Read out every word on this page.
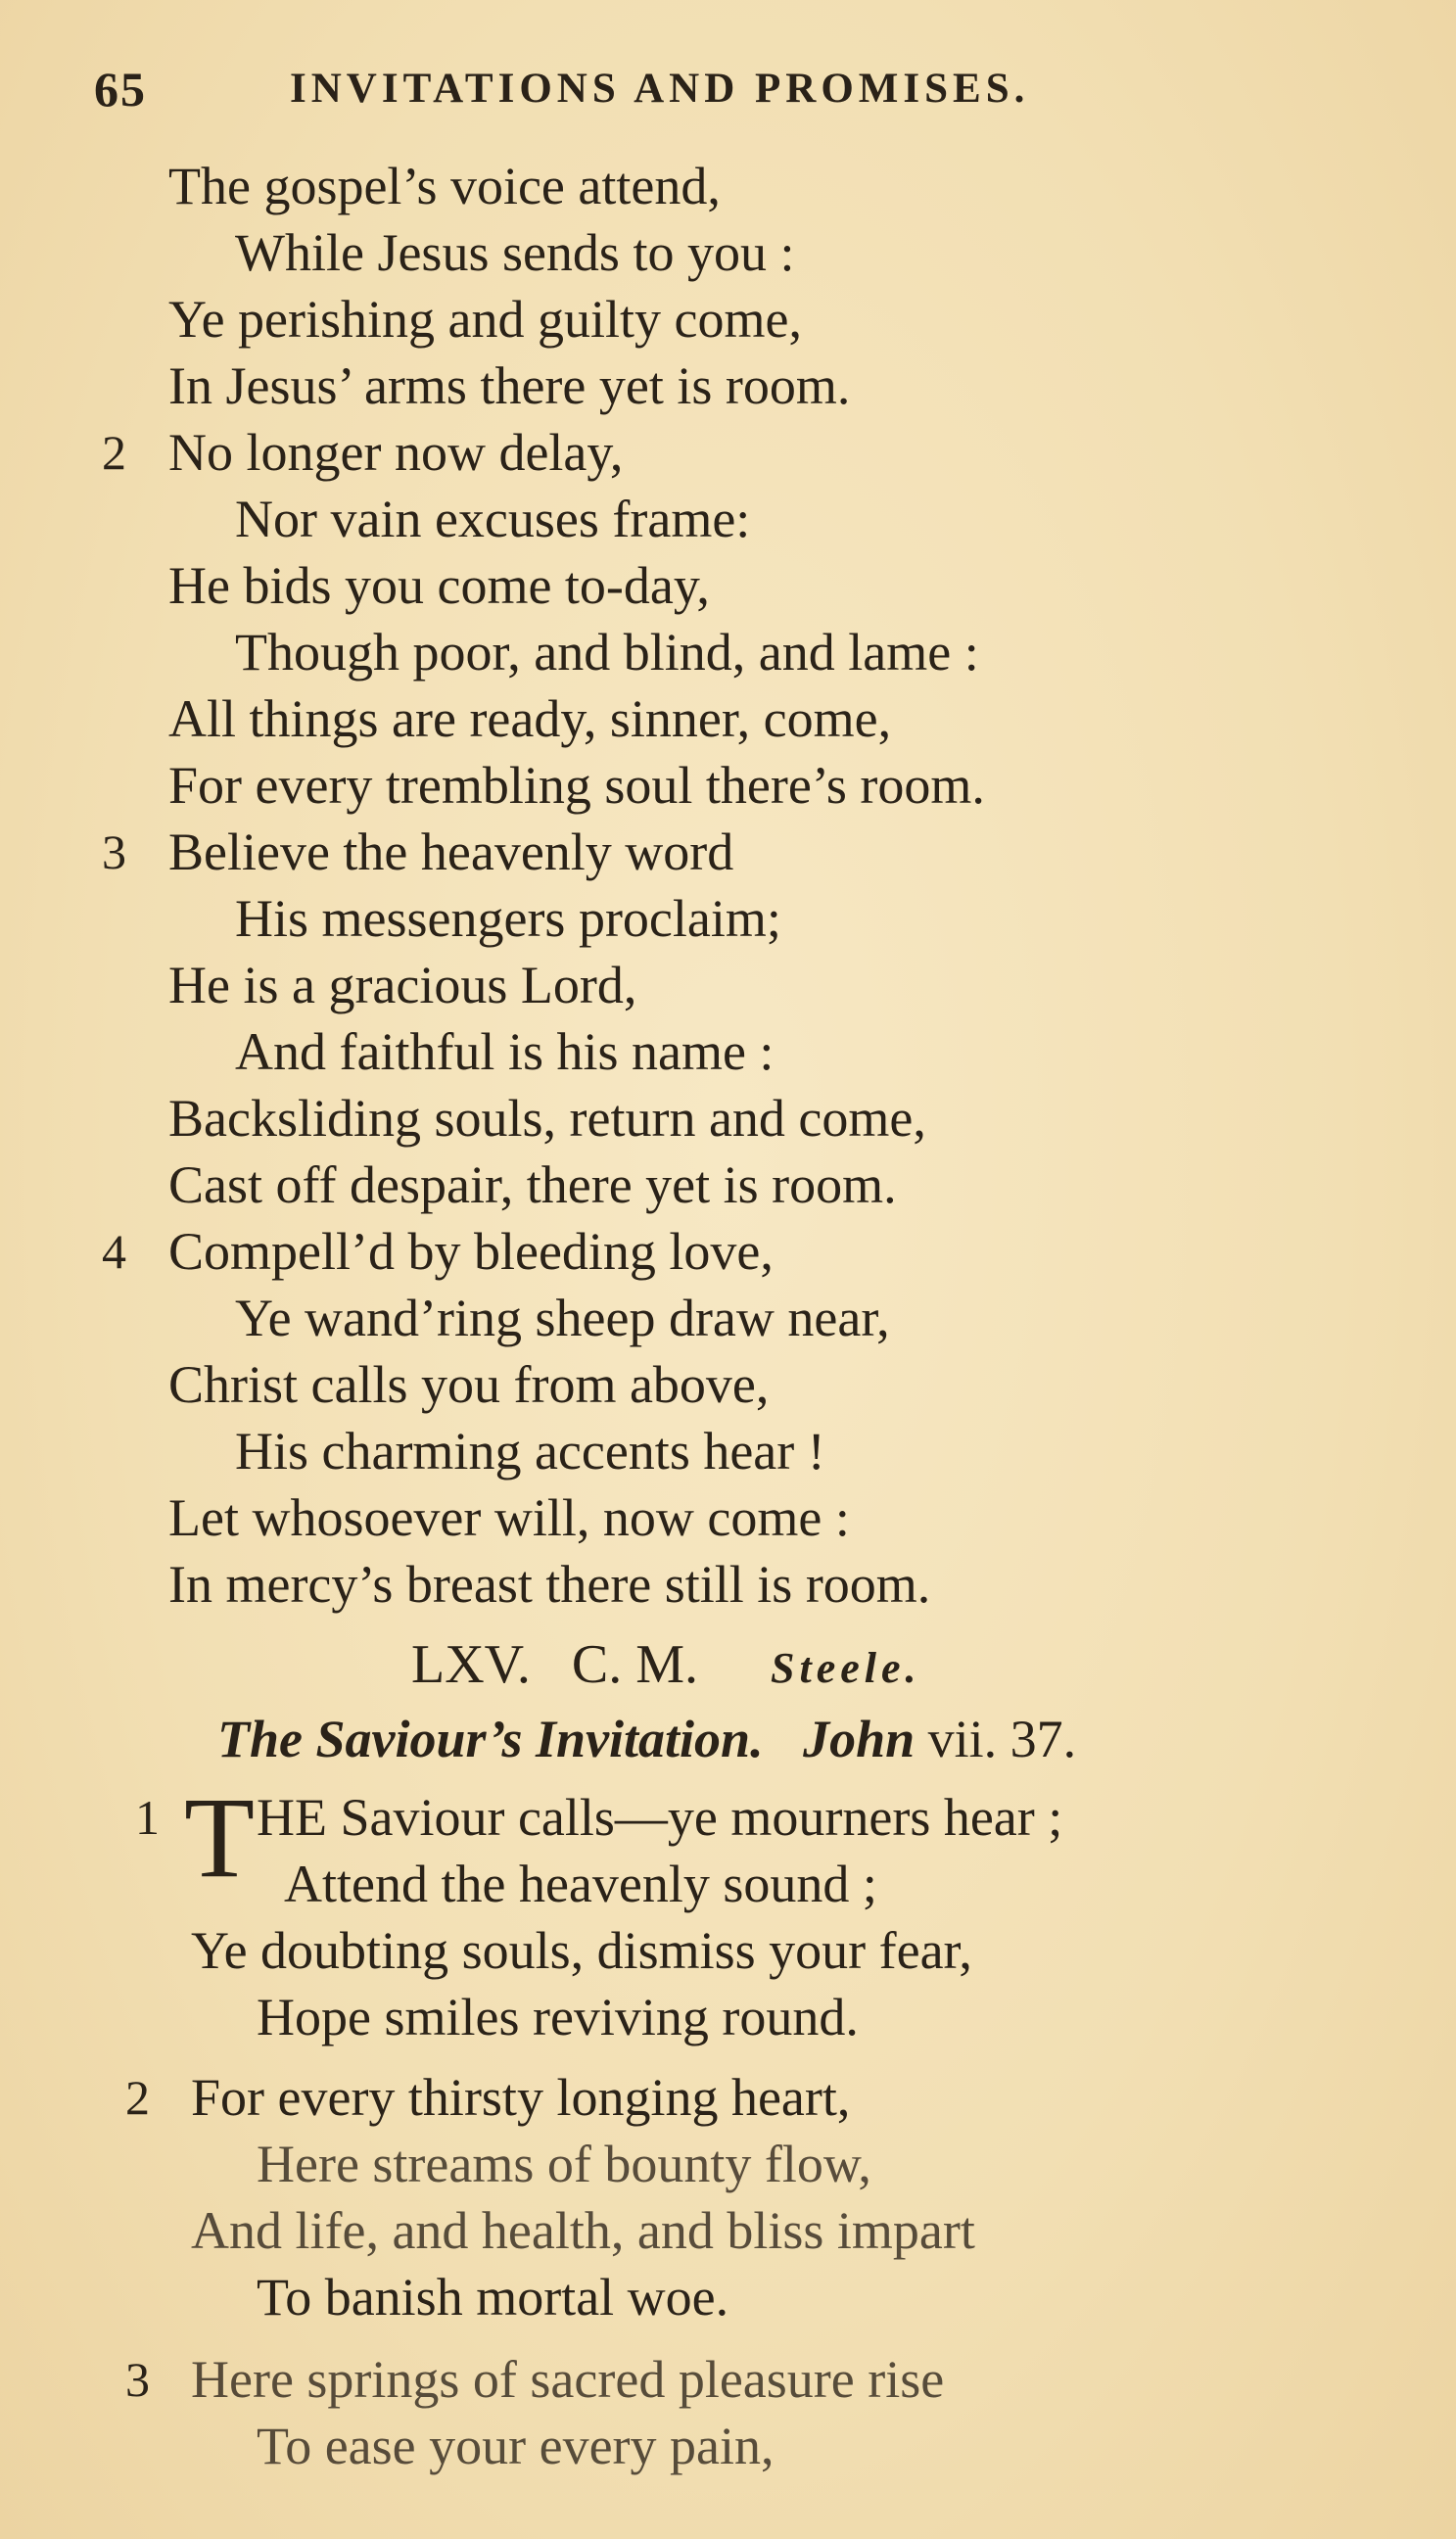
65	INVITATIONS AND PROMISES.
The gospel’s voice attend,
While Jesus sends to you :
Ye perishing and guilty come,
In Jesus’ arms there yet is room.
2 No longer now delay,
Nor vain excuses frame:
He bids you come to-day,
Though poor, and blind, and lame :
All things are ready, sinner, come,
For every trembling soul there’s room.
3 Believe the heavenly word
His messengers proclaim;
He is a gracious Lord,
And faithful is his name :
Backsliding souls, return and come,
Cast off despair, there yet is room.
4 Compell’d by bleeding love,
Ye wand’ring sheep draw near,
Christ calls you from above,
His charming accents hear !
Let whosoever will, now come :
In mercy’s breast there still is room.
LXV. C. M. Steele.
The Saviour’s Invitation. John vii. 37.
1 T HE Saviour calls—ye mourners hear ;
Attend the heavenly sound ;
Ye doubting souls, dismiss your fear,
Hope smiles reviving round.
2 For every thirsty longing heart,
Here streams of bounty flow,
And life, and health, and bliss impart
To banish mortal woe.
3 Here springs of sacred pleasure rise
To ease your every pain,
